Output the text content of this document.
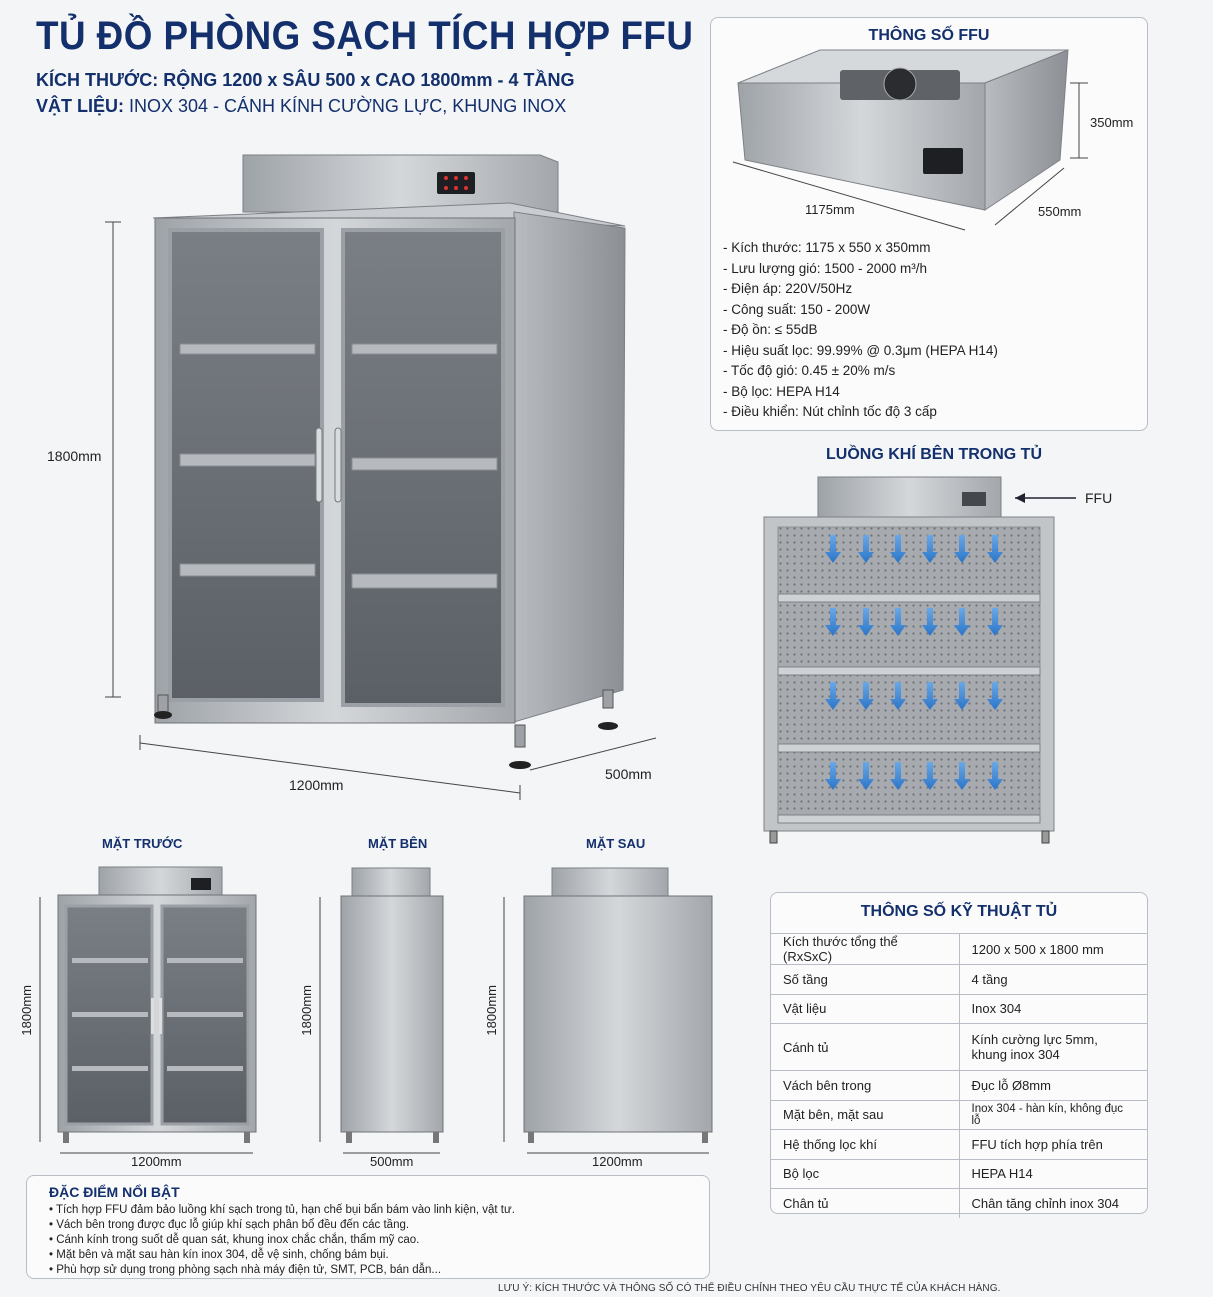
TỦ ĐỒ PHÒNG SẠCH TÍCH HỢP FFU
KÍCH THƯỚC: RỘNG 1200 x SÂU 500 x CAO 1800mm - 4 TẦNG
VẬT LIỆU: INOX 304 - CÁNH KÍNH CƯỜNG LỰC, KHUNG INOX
1800mm
1200mm
500mm
THÔNG SỐ FFU
- Kích thước: 1175 x 550 x 350mm
- Lưu lượng gió: 1500 - 2000 m³/h
- Điện áp: 220V/50Hz
- Công suất: 150 - 200W
- Độ ồn: ≤ 55dB
- Hiệu suất lọc: 99.99% @ 0.3μm (HEPA H14)
- Tốc độ gió: 0.45 ± 20% m/s
- Bộ lọc: HEPA H14
- Điều khiển: Nút chỉnh tốc độ 3 cấp
350mm
1175mm	550mm
LUỒNG KHÍ BÊN TRONG TỦ
FFU
MẶT TRƯỚC	MẶT BÊN	MẶT SAU
1800mm
1200mm
1800mm
500mm
1800mm
1200mm
THÔNG SỐ KỸ THUẬT TỦ
Kích thước tổng thể (RxSxC)	1200 x 500 x 1800 mm
Số tầng	4 tầng
Vật liệu	Inox 304
Cánh tủ	Kính cường lực 5mm, khung inox 304
Vách bên trong	Đục lỗ Ø8mm
Mặt bên, mặt sau	Inox 304 - hàn kín, không đục lỗ
Hệ thống lọc khí	FFU tích hợp phía trên
Bộ lọc	HEPA H14
Chân tủ	Chân tăng chỉnh inox 304
ĐẶC ĐIỂM NỔI BẬT
• Tích hợp FFU đảm bảo luồng khí sạch trong tủ, hạn chế bụi bẩn bám vào linh kiện, vật tư.
• Vách bên trong được đục lỗ giúp khí sạch phân bổ đều đến các tầng.
• Cánh kính trong suốt dễ quan sát, khung inox chắc chắn, thẩm mỹ cao.
• Mặt bên và mặt sau hàn kín inox 304, dễ vệ sinh, chống bám bụi.
• Phù hợp sử dụng trong phòng sạch nhà máy điện tử, SMT, PCB, bán dẫn...
LƯU Ý: KÍCH THƯỚC VÀ THÔNG SỐ CÓ THỂ ĐIỀU CHỈNH THEO YÊU CẦU THỰC TẾ CỦA KHÁCH HÀNG.
